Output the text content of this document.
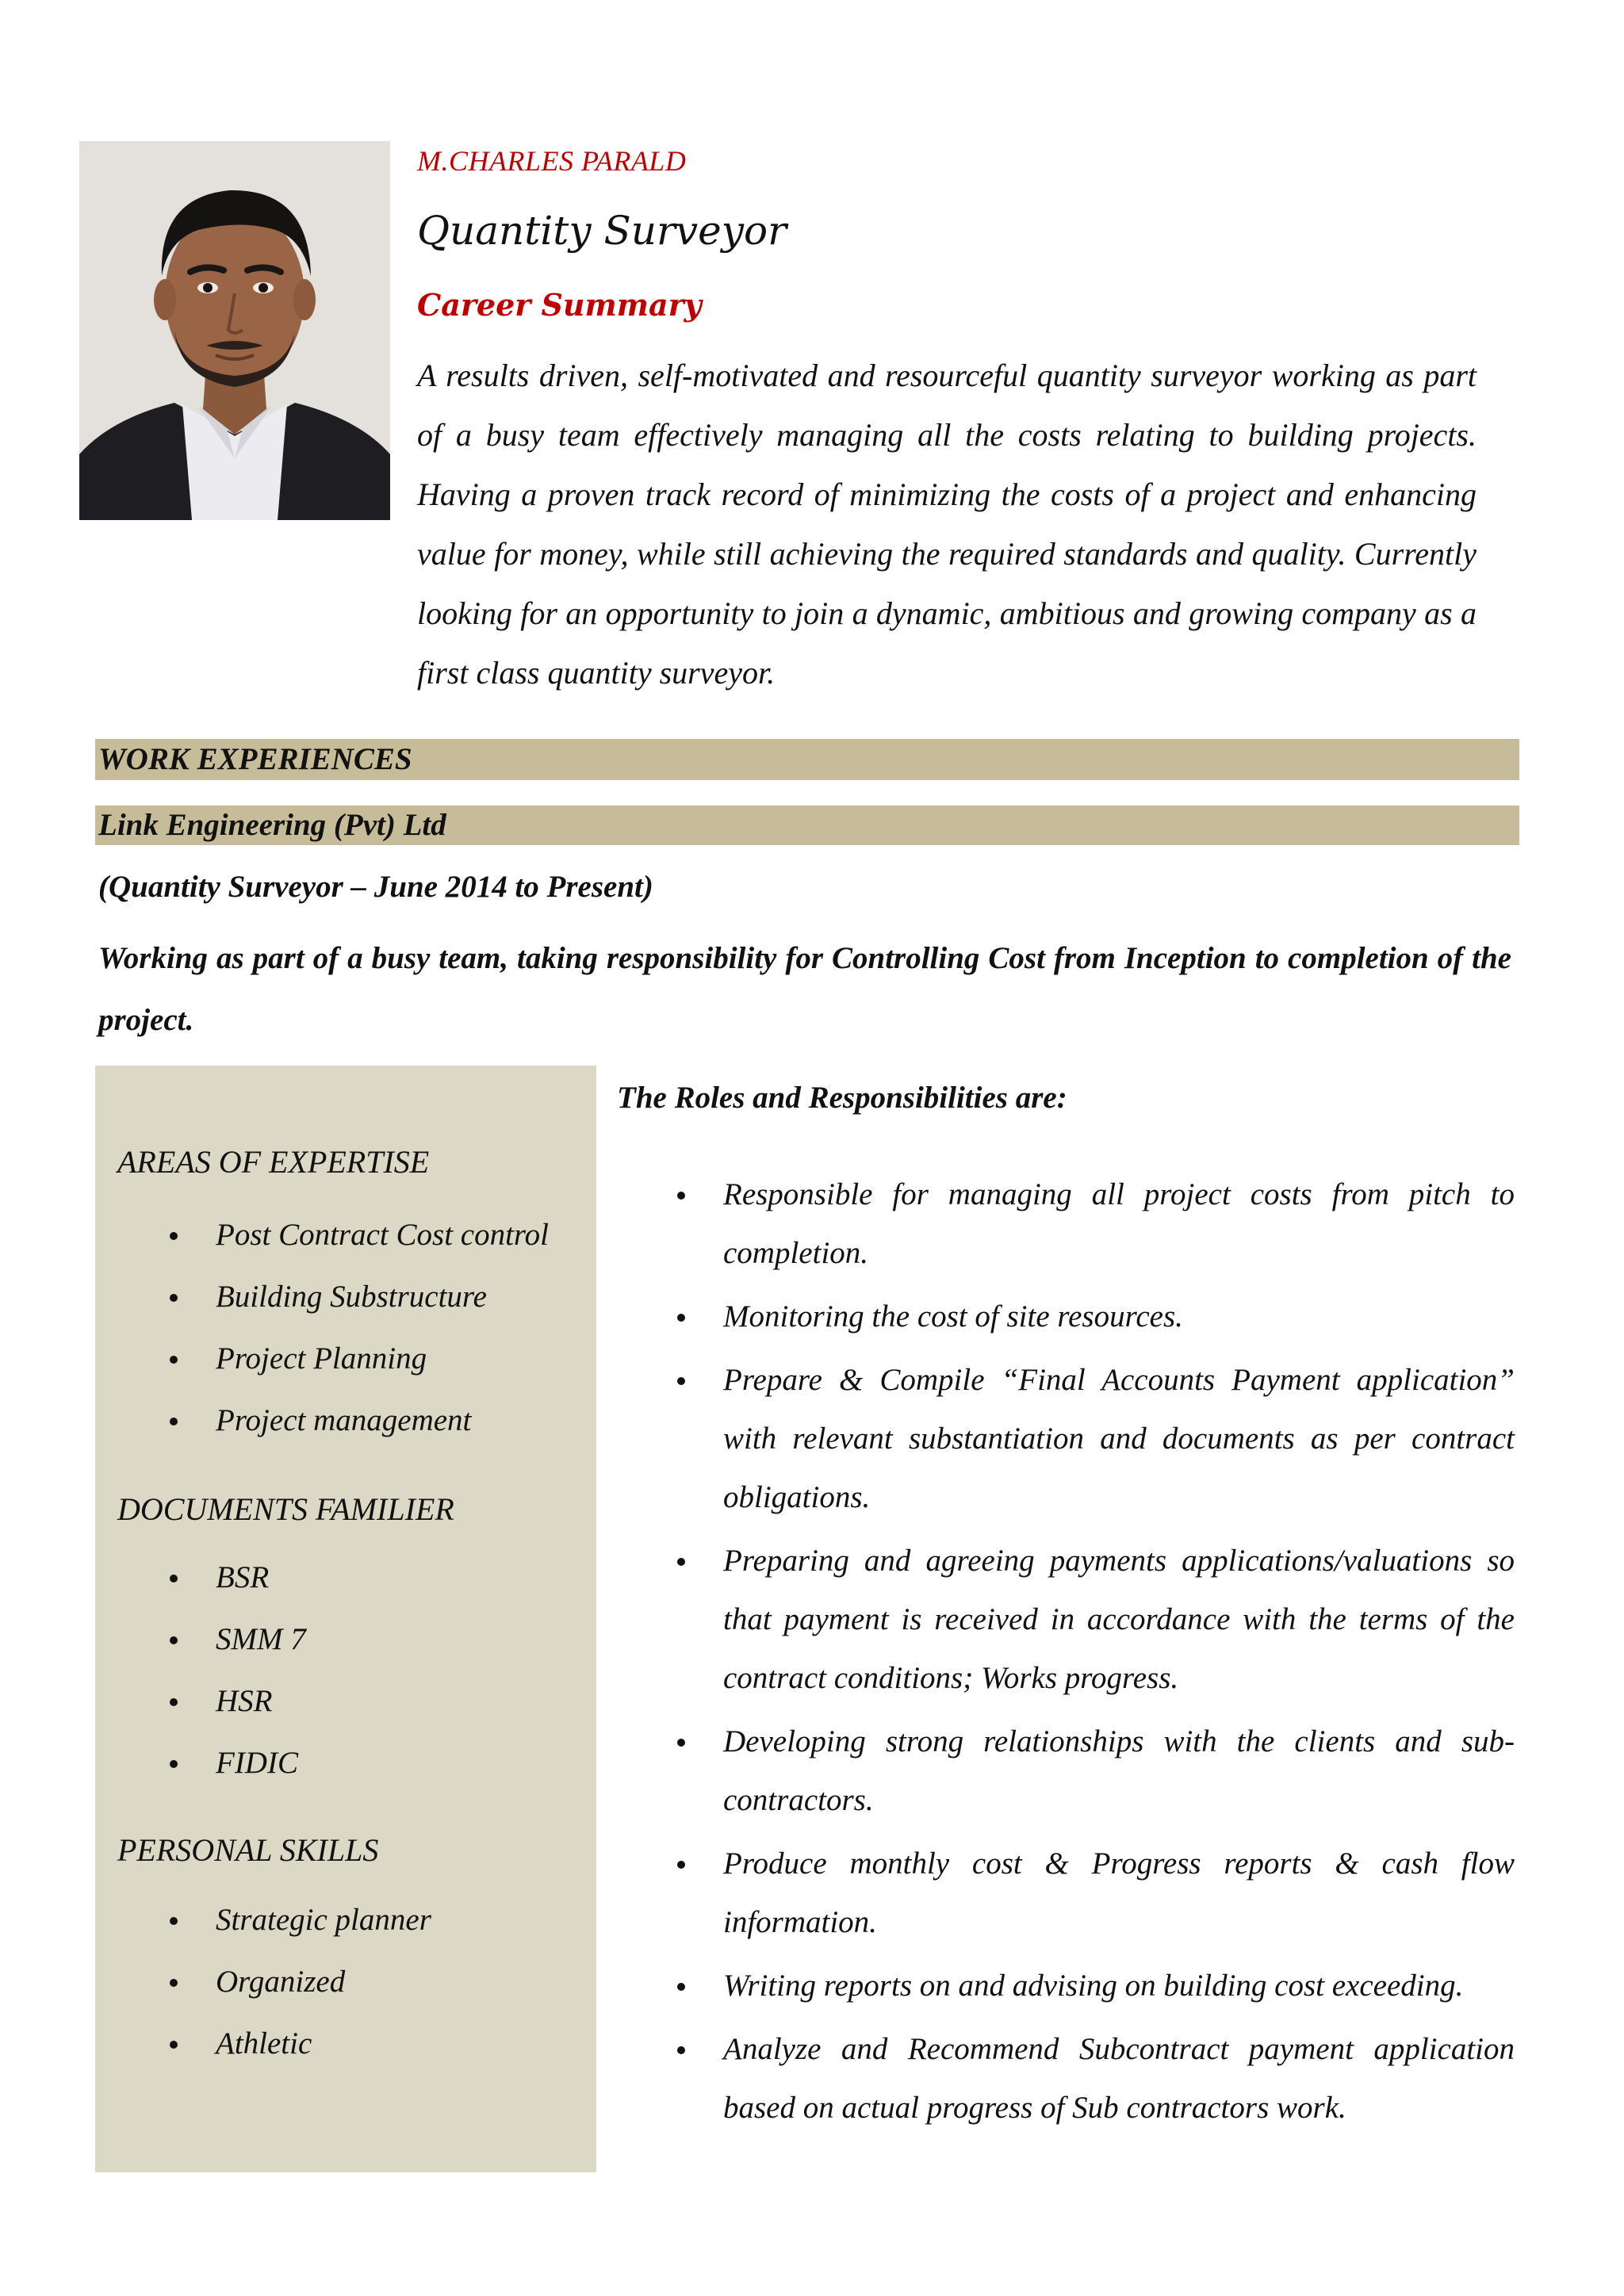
M.CHARLES PARALD
Quantity Surveyor
Career Summary

A results driven, self-motivated and resourceful quantity surveyor working as part of a busy team effectively managing all the costs relating to building projects. Having a proven track record of minimizing the costs of a project and enhancing value for money, while still achieving the required standards and quality. Currently looking for an opportunity to join a dynamic, ambitious and growing company as a first class quantity surveyor.

WORK EXPERIENCES
Link Engineering (Pvt) Ltd
(Quantity Surveyor – June 2014 to Present)

Working as part of a busy team, taking responsibility for Controlling Cost from Inception to completion of the project.

AREAS OF EXPERTISE
Post Contract Cost control
Building Substructure
Project Planning
Project management
DOCUMENTS FAMILIER
BSR
SMM 7
HSR
FIDIC
PERSONAL SKILLS
Strategic planner
Organized
Athletic
The Roles and Responsibilities are:
Responsible for managing all project costs from pitch to completion.
Monitoring the cost of site resources.
Prepare & Compile “Final Accounts Payment application” with relevant substantiation and documents as per contract obligations.
Preparing and agreeing payments applications/valuations so that payment is received in accordance with the terms of the contract conditions; Works progress.
Developing strong relationships with the clients and sub-contractors.
Produce monthly cost & Progress reports & cash flow information.
Writing reports on and advising on building cost exceeding.
Analyze and Recommend Subcontract payment application based on actual progress of Sub contractors work.
